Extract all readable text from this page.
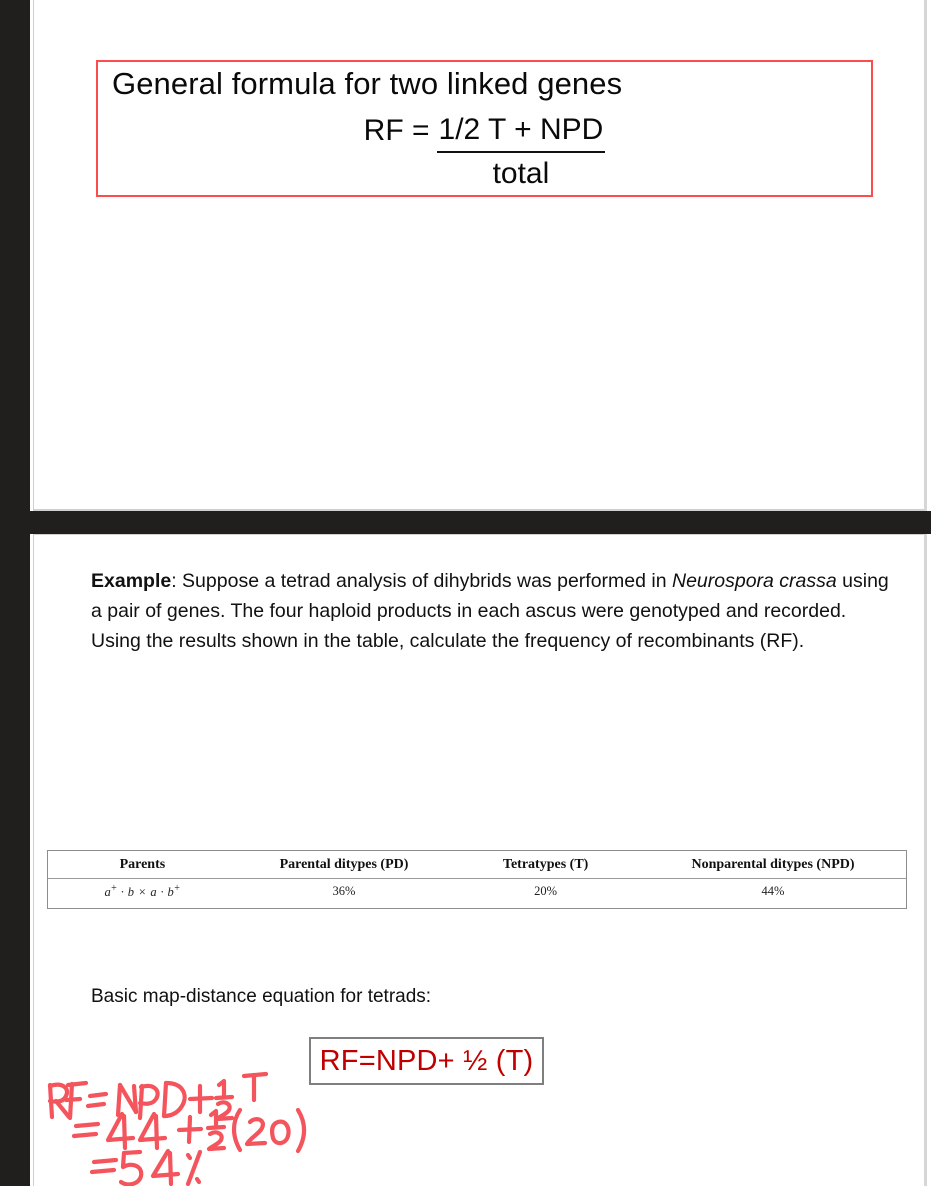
General formula for two linked genes
RF = $\frac{\text{1/2 T + NPD}}{\text{total}}$

Example: Suppose a tetrad analysis of dihybrids was performed in Neurospora crassa using a pair of genes. The four haploid products in each ascus were genotyped and recorded.

Using the results shown in the table, calculate the frequency of recombinants (RF).

Parents	Parental ditypes (PD)	Tetratypes (T)	Nonparental ditypes (NPD)
a+ · b × a · b+	36%	20%	44%
Basic map-distance equation for tetrads:
RF=NPD+ ½ (T)
